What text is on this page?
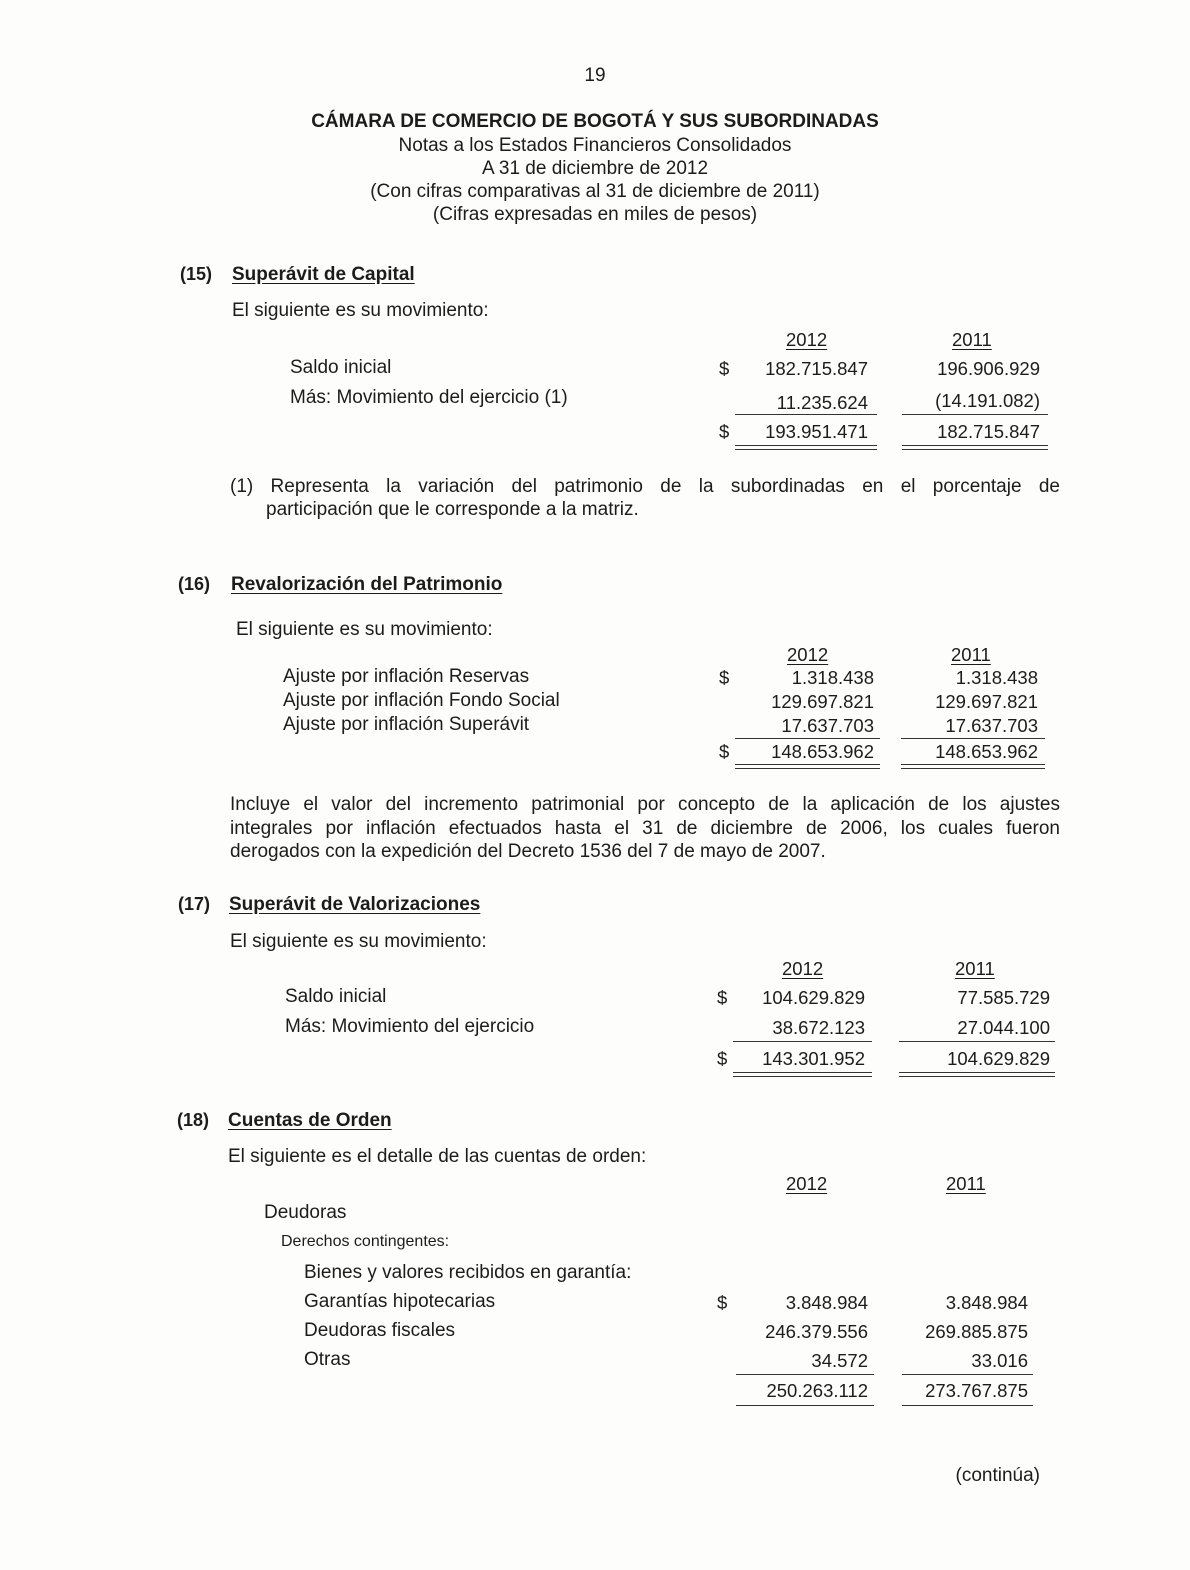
19
CÁMARA DE COMERCIO DE BOGOTÁ Y SUS SUBORDINADAS
Notas a los Estados Financieros Consolidados
A 31 de diciembre de 2012
(Con cifras comparativas al 31 de diciembre de 2011)
(Cifras expresadas en miles de pesos)
(15) Superávit de Capital
El siguiente es su movimiento:
2012	2011
Saldo inicial	$ 182.715.847	196.906.929
Más: Movimiento del ejercicio (1)	11.235.624	(14.191.082)
$ 193.951.471	182.715.847
(1) Representa la variación del patrimonio de la subordinadas en el porcentaje de
participación que le corresponde a la matriz.
(16) Revalorización del Patrimonio
El siguiente es su movimiento:
2012	2011
Ajuste por inflación Reservas	$	1.318.438	1.318.438
Ajuste por inflación Fondo Social	129.697.821	129.697.821
Ajuste por inflación Superávit	17.637.703	17.637.703
$ 148.653.962	148.653.962
Incluye el valor del incremento patrimonial por concepto de la aplicación de los ajustes
integrales por inflación efectuados hasta el 31 de diciembre de 2006, los cuales fueron
derogados con la expedición del Decreto 1536 del 7 de mayo de 2007.
(17) Superávit de Valorizaciones
El siguiente es su movimiento:
2012	2011
Saldo inicial	$ 104.629.829	77.585.729
Más: Movimiento del ejercicio	38.672.123	27.044.100
$ 143.301.952	104.629.829
(18) Cuentas de Orden
El siguiente es el detalle de las cuentas de orden:
2012	2011
Deudoras
Derechos contingentes:
Bienes y valores recibidos en garantía:
Garantías hipotecarias	$	3.848.984	3.848.984
Deudoras fiscales	246.379.556	269.885.875
Otras	34.572	33.016
250.263.112	273.767.875
(continúa)
